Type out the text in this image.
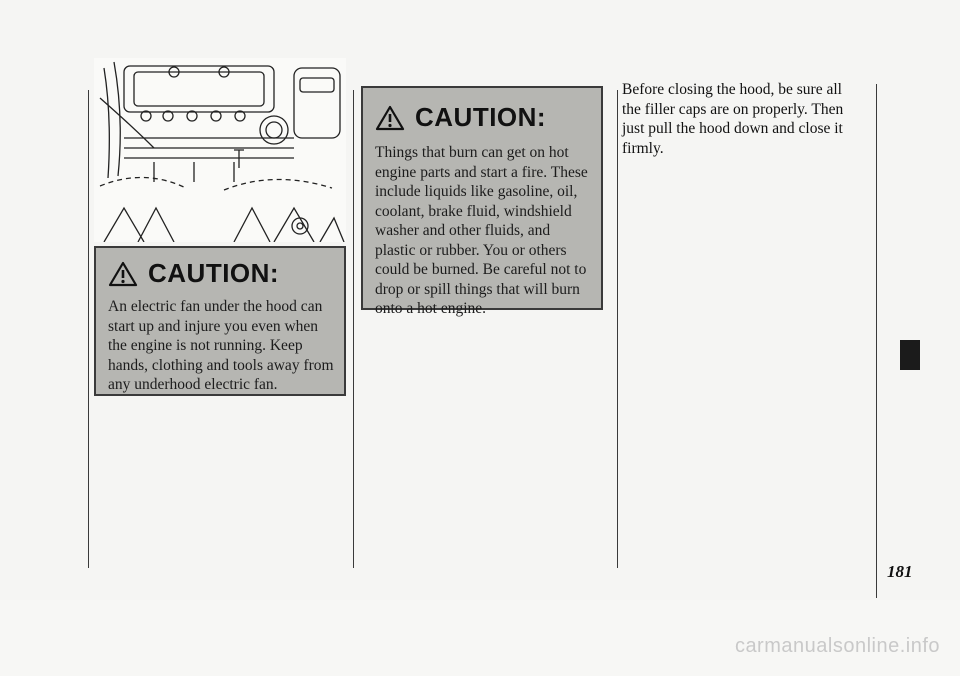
CAUTION:

An electric fan under the hood can start up and injure you even when the engine is not running. Keep hands, clothing and tools away from any underhood electric fan.

CAUTION:

Things that burn can get on hot engine parts and start a fire. These include liquids like gasoline, oil, coolant, brake fluid, windshield washer and other fluids, and plastic or rubber. You or others could be burned. Be careful not to drop or spill things that will burn onto a hot engine.

Before closing the hood, be sure all the filler caps are on properly. Then just pull the hood down and close it firmly.

181
carmanualsonline.info
